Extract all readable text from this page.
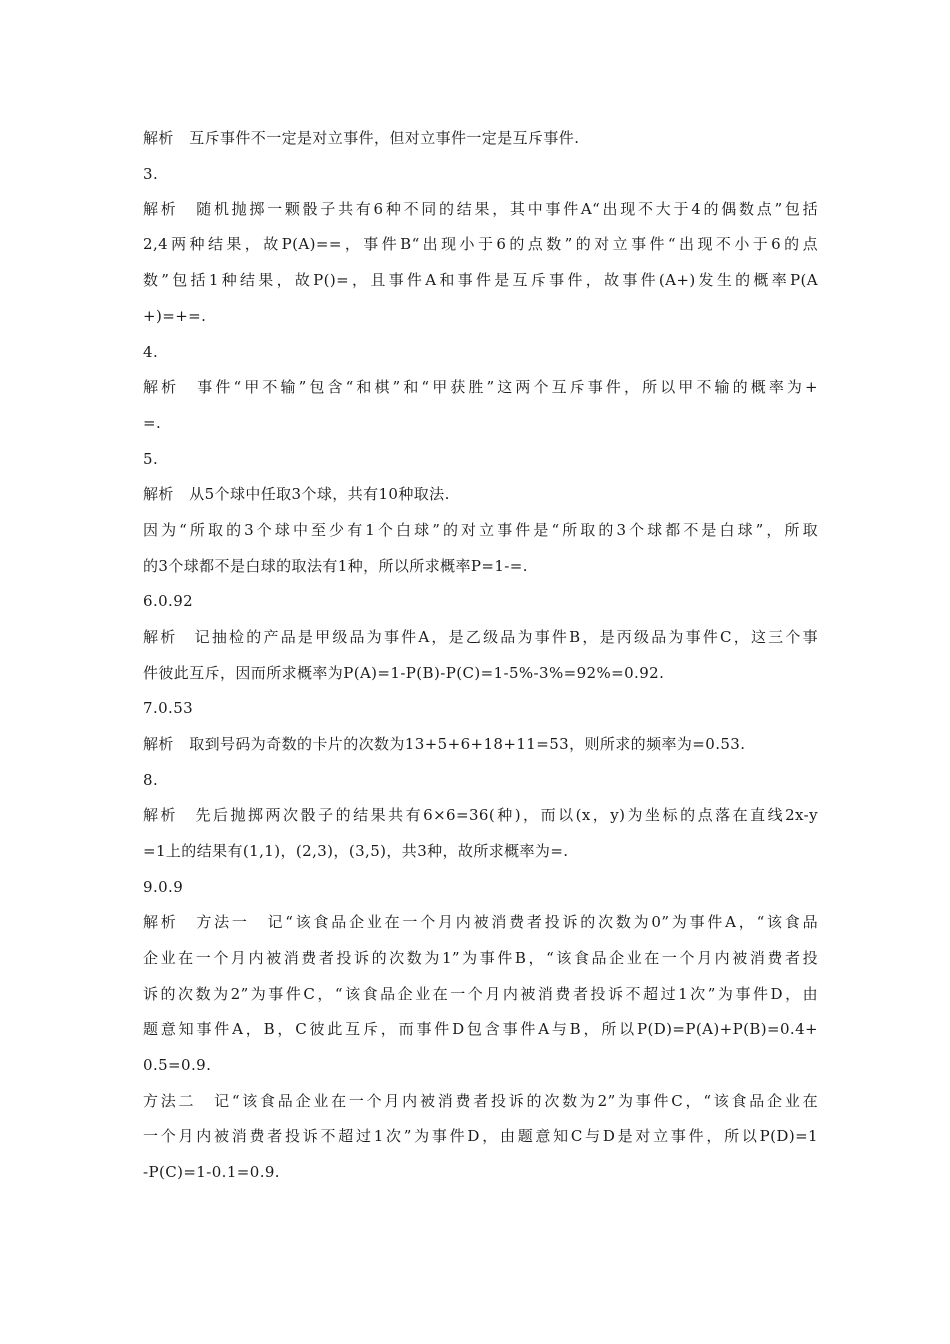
解析　互斥事件不一定是对立事件，但对立事件一定是互斥事件.
3.
解析　随机抛掷一颗骰子共有6种不同的结果，其中事件A“出现不大于4的偶数点”包括
2,4两种结果，故P(A)==，事件B“出现小于6的点数”的对立事件“出现不小于6的点
数”包括1种结果，故P()=，且事件A和事件是互斥事件，故事件(A+)发生的概率P(A
+)=+=.
4.
解析　事件“甲不输”包含“和棋”和“甲获胜”这两个互斥事件，所以甲不输的概率为+
=.
5.
解析　从5个球中任取3个球，共有10种取法.
因为“所取的3个球中至少有1个白球”的对立事件是“所取的3个球都不是白球”，所取
的3个球都不是白球的取法有1种，所以所求概率P=1-=.
6.0.92
解析　记抽检的产品是甲级品为事件A，是乙级品为事件B，是丙级品为事件C，这三个事
件彼此互斥，因而所求概率为P(A)=1-P(B)-P(C)=1-5%-3%=92%=0.92.
7.0.53
解析　取到号码为奇数的卡片的次数为13+5+6+18+11=53，则所求的频率为=0.53.
8.
解析　先后抛掷两次骰子的结果共有6×6=36(种)，而以(x，y)为坐标的点落在直线2x-y
=1上的结果有(1,1)，(2,3)，(3,5)，共3种，故所求概率为=.
9.0.9
解析　方法一　记“该食品企业在一个月内被消费者投诉的次数为0”为事件A，“该食品
企业在一个月内被消费者投诉的次数为1”为事件B，“该食品企业在一个月内被消费者投
诉的次数为2”为事件C，“该食品企业在一个月内被消费者投诉不超过1次”为事件D，由
题意知事件A，B，C彼此互斥，而事件D包含事件A与B，所以P(D)=P(A)+P(B)=0.4+
0.5=0.9.
方法二　记“该食品企业在一个月内被消费者投诉的次数为2”为事件C，“该食品企业在
一个月内被消费者投诉不超过1次”为事件D，由题意知C与D是对立事件，所以P(D)=1
-P(C)=1-0.1=0.9.
